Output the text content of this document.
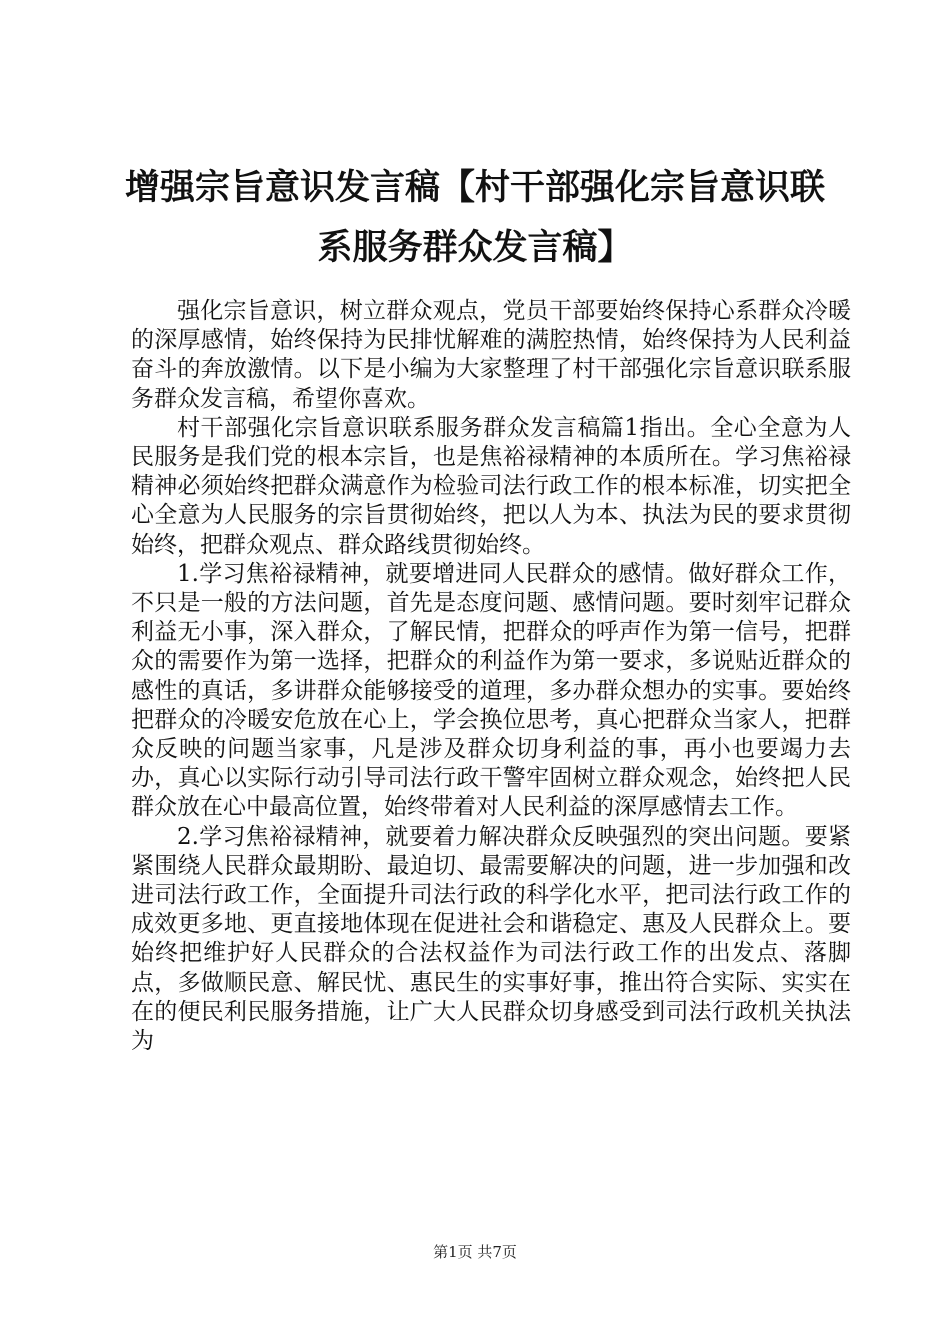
增强宗旨意识发言稿【村干部强化宗旨意识联系服务群众发言稿】

强化宗旨意识，树立群众观点，党员干部要始终保持心系群众冷暖的深厚感情，始终保持为民排忧解难的满腔热情，始终保持为人民利益奋斗的奔放激情。以下是小编为大家整理了村干部强化宗旨意识联系服务群众发言稿，希望你喜欢。

村干部强化宗旨意识联系服务群众发言稿篇1指出。全心全意为人民服务是我们党的根本宗旨，也是焦裕禄精神的本质所在。学习焦裕禄精神必须始终把群众满意作为检验司法行政工作的根本标准，切实把全心全意为人民服务的宗旨贯彻始终，把以人为本、执法为民的要求贯彻始终，把群众观点、群众路线贯彻始终。

1.学习焦裕禄精神，就要增进同人民群众的感情。做好群众工作，不只是一般的方法问题，首先是态度问题、感情问题。要时刻牢记群众利益无小事，深入群众，了解民情，把群众的呼声作为第一信号，把群众的需要作为第一选择，把群众的利益作为第一要求，多说贴近群众的感性的真话，多讲群众能够接受的道理，多办群众想办的实事。要始终把群众的冷暖安危放在心上，学会换位思考，真心把群众当家人，把群众反映的问题当家事，凡是涉及群众切身利益的事，再小也要竭力去办，真心以实际行动引导司法行政干警牢固树立群众观念，始终把人民群众放在心中最高位置，始终带着对人民利益的深厚感情去工作。

2.学习焦裕禄精神，就要着力解决群众反映强烈的突出问题。要紧紧围绕人民群众最期盼、最迫切、最需要解决的问题，进一步加强和改进司法行政工作，全面提升司法行政的科学化水平，把司法行政工作的成效更多地、更直接地体现在促进社会和谐稳定、惠及人民群众上。要始终把维护好人民群众的合法权益作为司法行政工作的出发点、落脚点，多做顺民意、解民忧、惠民生的实事好事，推出符合实际、实实在在的便民利民服务措施，让广大人民群众切身感受到司法行政机关执法为

第1页 共7页
